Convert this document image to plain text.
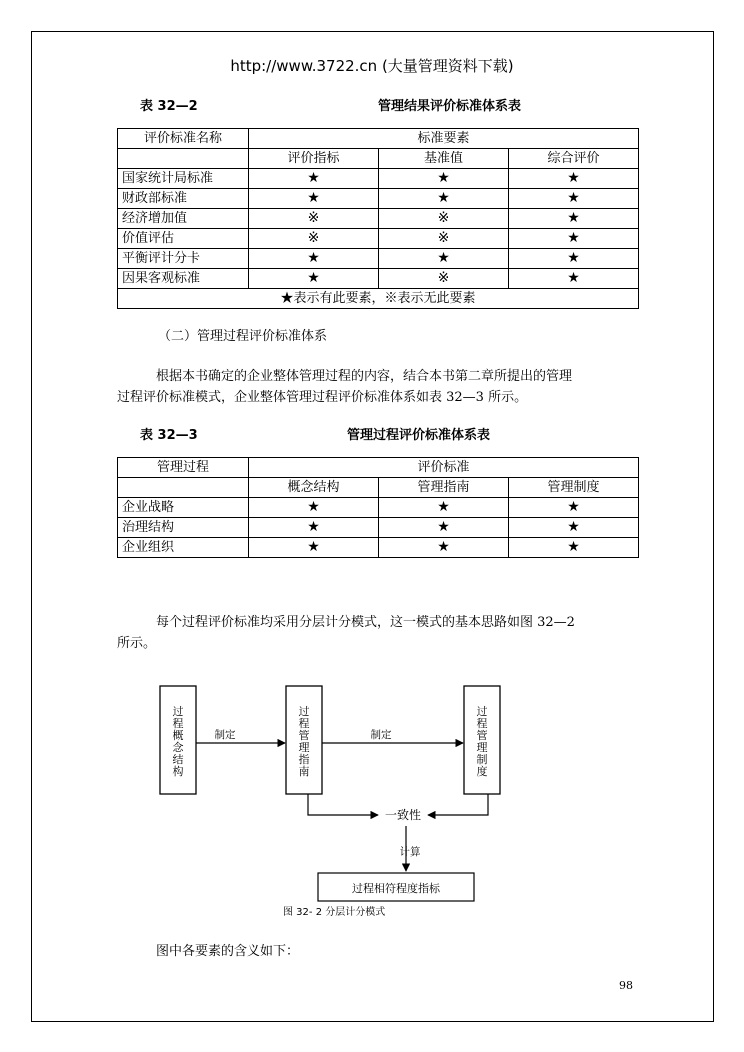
http://www.3722.cn (大量管理资料下载)
表 32—2	管理结果评价标准体系表
评价标准名称	标准要素		
	评价指标	基准值	综合评价
国家统计局标准	★	★	★
财政部标准	★	★	★
经济增加值	※	※	★
价值评估	※	※	★
平衡评计分卡	★	★	★
因果客观标准	★	※	★
★表示有此要素，※表示无此要素			
（二）管理过程评价标准体系
根据本书确定的企业整体管理过程的内容，结合本书第二章所提出的管理
过程评价标准模式，企业整体管理过程评价标准体系如表 32—3 所示。
表 32—3	管理过程评价标准体系表
管理过程	评价标准		
	概念结构	管理指南	管理制度
企业战略	★	★	★
治理结构	★	★	★
企业组织	★	★	★
每个过程评价标准均采用分层计分模式，这一模式的基本思路如图 32—2
所示。
过
程
概
念
结
构
过
程
管
理
指
南
过
程
管
理
制
度
制定	制定
一致性
计算
过程相符程度指标
图 32- 2 分层计分模式
图中各要素的含义如下：
98
